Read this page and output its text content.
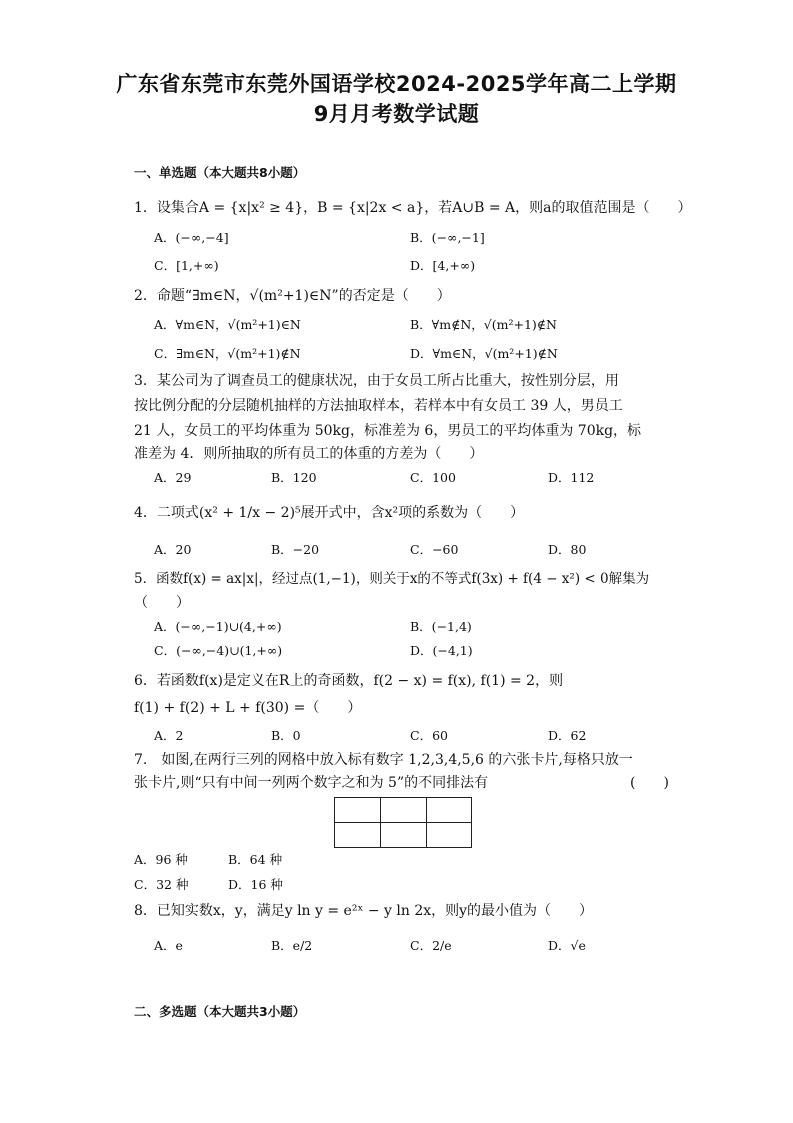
广东省东莞市东莞外国语学校2024-2025学年高二上学期
9月月考数学试题
一、单选题（本大题共8小题）
1．设集合A = {x|x² ≥ 4}，B = {x|2x < a}，若A∪B = A，则a的取值范围是（　　）
A．(−∞,−4]	B．(−∞,−1]
C．[1,+∞)	D．[4,+∞)
2．命题“∃m∈N，√(m²+1)∈N”的否定是（　　）
A．∀m∈N，√(m²+1)∈N	B．∀m∉N，√(m²+1)∉N
C．∃m∈N，√(m²+1)∉N	D．∀m∈N，√(m²+1)∉N
3．某公司为了调查员工的健康状况，由于女员工所占比重大，按性别分层，用
按比例分配的分层随机抽样的方法抽取样本，若样本中有女员工 39 人，男员工
21 人，女员工的平均体重为 50kg，标准差为 6，男员工的平均体重为 70kg，标
准差为 4．则所抽取的所有员工的体重的方差为（　　）
A．29	B．120	C．100	D．112
4．二项式(x² + 1/x − 2)⁵展开式中，含x²项的系数为（　　）
A．20	B．−20	C．−60	D．80
5．函数f(x) = ax|x|，经过点(1,−1)，则关于x的不等式f(3x) + f(4 − x²) < 0解集为
（　　）
A．(−∞,−1)∪(4,+∞)	B．(−1,4)
C．(−∞,−4)∪(1,+∞)	D．(−4,1)
6．若函数f(x)是定义在R上的奇函数，f(2 − x) = f(x), f(1) = 2，则
f(1) + f(2) + L + f(30) =（　　）
A．2	B．0	C．60	D．62
7.　如图,在两行三列的网格中放入标有数字 1,2,3,4,5,6 的六张卡片,每格只放一
张卡片,则“只有中间一列两个数字之和为 5”的不同排法有	(　　)
A．96 种	B．64 种
C．32 种	D．16 种
8．已知实数x，y，满足y ln y = e²ˣ − y ln 2x，则y的最小值为（　　）
A．e	B．e/2	C．2/e	D．√e
二、多选题（本大题共3小题）
